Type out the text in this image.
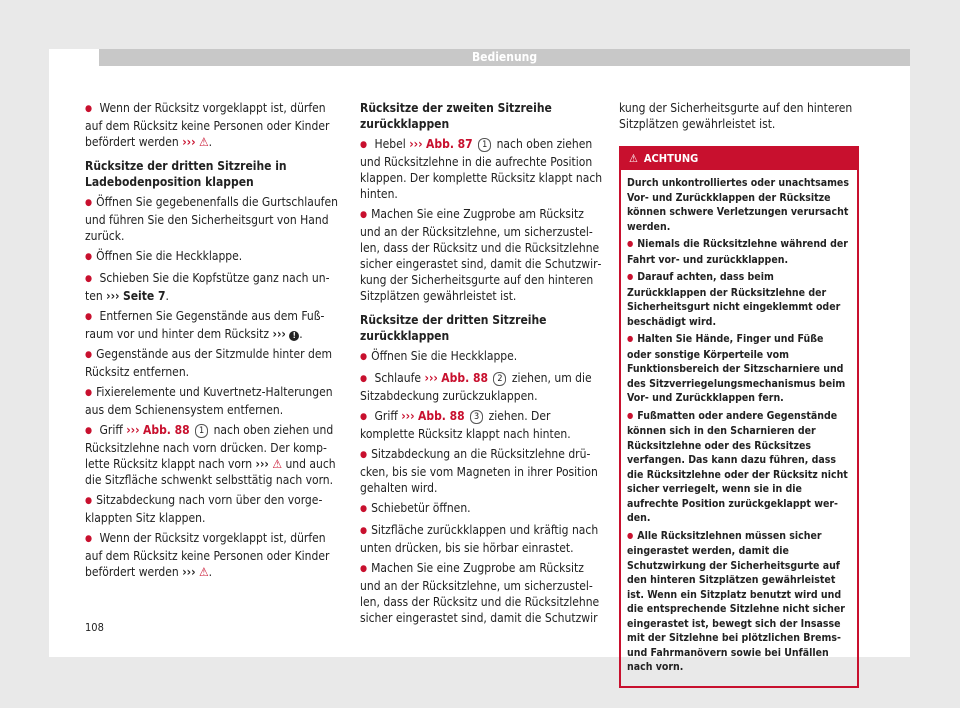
Bedienung

● Wenn der Rücksitz vorgeklappt ist, dürfen auf dem Rücksitz keine Personen oder Kinder befördert werden ››› ⚠.

Rücksitze der dritten Sitzreihe in Ladebodenposition klappen

● Öffnen Sie gegebenenfalls die Gurtschlaufen und führen Sie den Sicherheitsgurt von Hand zurück.

● Öffnen Sie die Heckklappe.

● Schieben Sie die Kopfstütze ganz nach unten ››› Seite 7.

● Entfernen Sie Gegenstände aus dem Fußraum vor und hinter dem Rücksitz ››› ! .

● Gegenstände aus der Sitzmulde hinter dem Rücksitz entfernen.

● Fixierelemente und Kuvertnetz-Halterungen aus dem Schienensystem entfernen.

● Griff ››› Abb. 88 1 nach oben ziehen und Rücksitzlehne nach vorn drücken. Der komplette Rücksitz klappt nach vorn ››› ⚠ und auch die Sitzfläche schwenkt selbsttätig nach vorn.

● Sitzabdeckung nach vorn über den vorgeklappten Sitz klappen.

● Wenn der Rücksitz vorgeklappt ist, dürfen auf dem Rücksitz keine Personen oder Kinder befördert werden ››› ⚠.

Rücksitze der zweiten Sitzreihe zurückklappen

● Hebel ››› Abb. 87 1 nach oben ziehen und Rücksitzlehne in die aufrechte Position klappen. Der komplette Rücksitz klappt nach hinten.

● Machen Sie eine Zugprobe am Rücksitz und an der Rücksitzlehne, um sicherzustellen, dass der Rücksitz und die Rücksitzlehne sicher eingerastet sind, damit die Schutzwirkung der Sicherheitsgurte auf den hinteren Sitzplätzen gewährleistet ist.

Rücksitze der dritten Sitzreihe zurückklappen

● Öffnen Sie die Heckklappe.

● Schlaufe ››› Abb. 88 2 ziehen, um die Sitzabdeckung zurückzuklappen.

● Griff ››› Abb. 88 3 ziehen. Der komplette Rücksitz klappt nach hinten.

● Sitzabdeckung an die Rücksitzlehne drücken, bis sie vom Magneten in ihrer Position gehalten wird.

● Schiebetür öffnen.

● Sitzfläche zurückklappen und kräftig nach unten drücken, bis sie hörbar einrastet.

● Machen Sie eine Zugprobe am Rücksitz und an der Rücksitzlehne, um sicherzustellen, dass der Rücksitz und die Rücksitzlehne sicher eingerastet sind, damit die Schutzwir

kung der Sicherheitsgurte auf den hinteren Sitzplätzen gewährleistet ist.

⚠ ACHTUNG

Durch unkontrolliertes oder unachtsames Vor- und Zurückklappen der Rücksitze können schwere Verletzungen verursacht werden.

● Niemals die Rücksitzlehne während der Fahrt vor- und zurückklappen.

● Darauf achten, dass beim Zurückklappen der Rücksitzlehne der Sicherheitsgurt nicht eingeklemmt oder beschädigt wird.

● Halten Sie Hände, Finger und Füße oder sonstige Körperteile vom Funktionsbereich der Sitzscharniere und des Sitzverriegelungsmechanismus beim Vor- und Zurückklappen fern.

● Fußmatten oder andere Gegenstände können sich in den Scharnieren der Rücksitzlehne oder des Rücksitzes verfangen. Das kann dazu führen, dass die Rücksitzlehne oder der Rücksitz nicht sicher verriegelt, wenn sie in die aufrechte Position zurückgeklappt werden.

● Alle Rücksitzlehnen müssen sicher eingerastet werden, damit die Schutzwirkung der Sicherheitsgurte auf den hinteren Sitzplätzen gewährleistet ist. Wenn ein Sitzplatz benutzt wird und die entsprechende Sitzlehne nicht sicher eingerastet ist, bewegt sich der Insasse mit der Sitzlehne bei plötzlichen Brems- und Fahrmanövern sowie bei Unfällen nach vorn.

108
